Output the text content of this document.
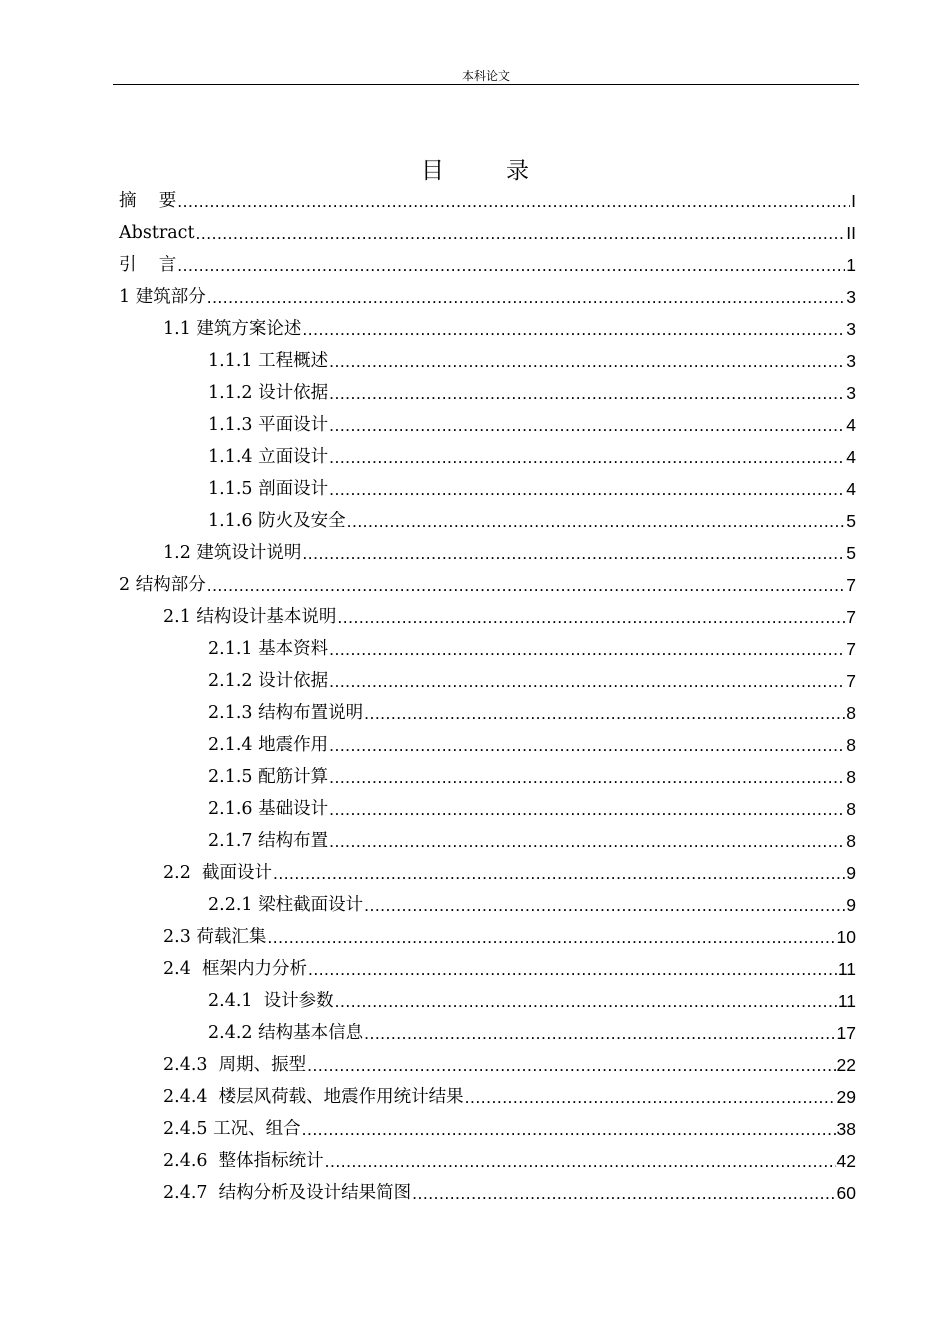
本科论文
目录
摘    要 .....	I
Abstract .....	II
引    言 .....	1
1 建筑部分 .....	3
1.1 建筑方案论述 .....	3
1.1.1 工程概述 .....	3
1.1.2 设计依据 .....	3
1.1.3 平面设计 .....	4
1.1.4 立面设计 .....	4
1.1.5 剖面设计 .....	4
1.1.6 防火及安全 .....	5
1.2 建筑设计说明 .....	5
2 结构部分 .....	7
2.1 结构设计基本说明 .....	7
2.1.1 基本资料 .....	7
2.1.2 设计依据 .....	7
2.1.3 结构布置说明 .....	8
2.1.4 地震作用 .....	8
2.1.5 配筋计算 .....	8
2.1.6 基础设计 .....	8
2.1.7 结构布置 .....	8
2.2  截面设计 .....	9
2.2.1 梁柱截面设计 .....	9
2.3 荷载汇集 .....	10
2.4  框架内力分析 .....	11
2.4.1  设计参数 .....	11
2.4.2 结构基本信息 .....	17
2.4.3  周期、振型 .....	22
2.4.4  楼层风荷载、地震作用统计结果 .....	29
2.4.5 工况、组合 .....	38
2.4.6  整体指标统计 .....	42
2.4.7  结构分析及设计结果简图 .....	60
